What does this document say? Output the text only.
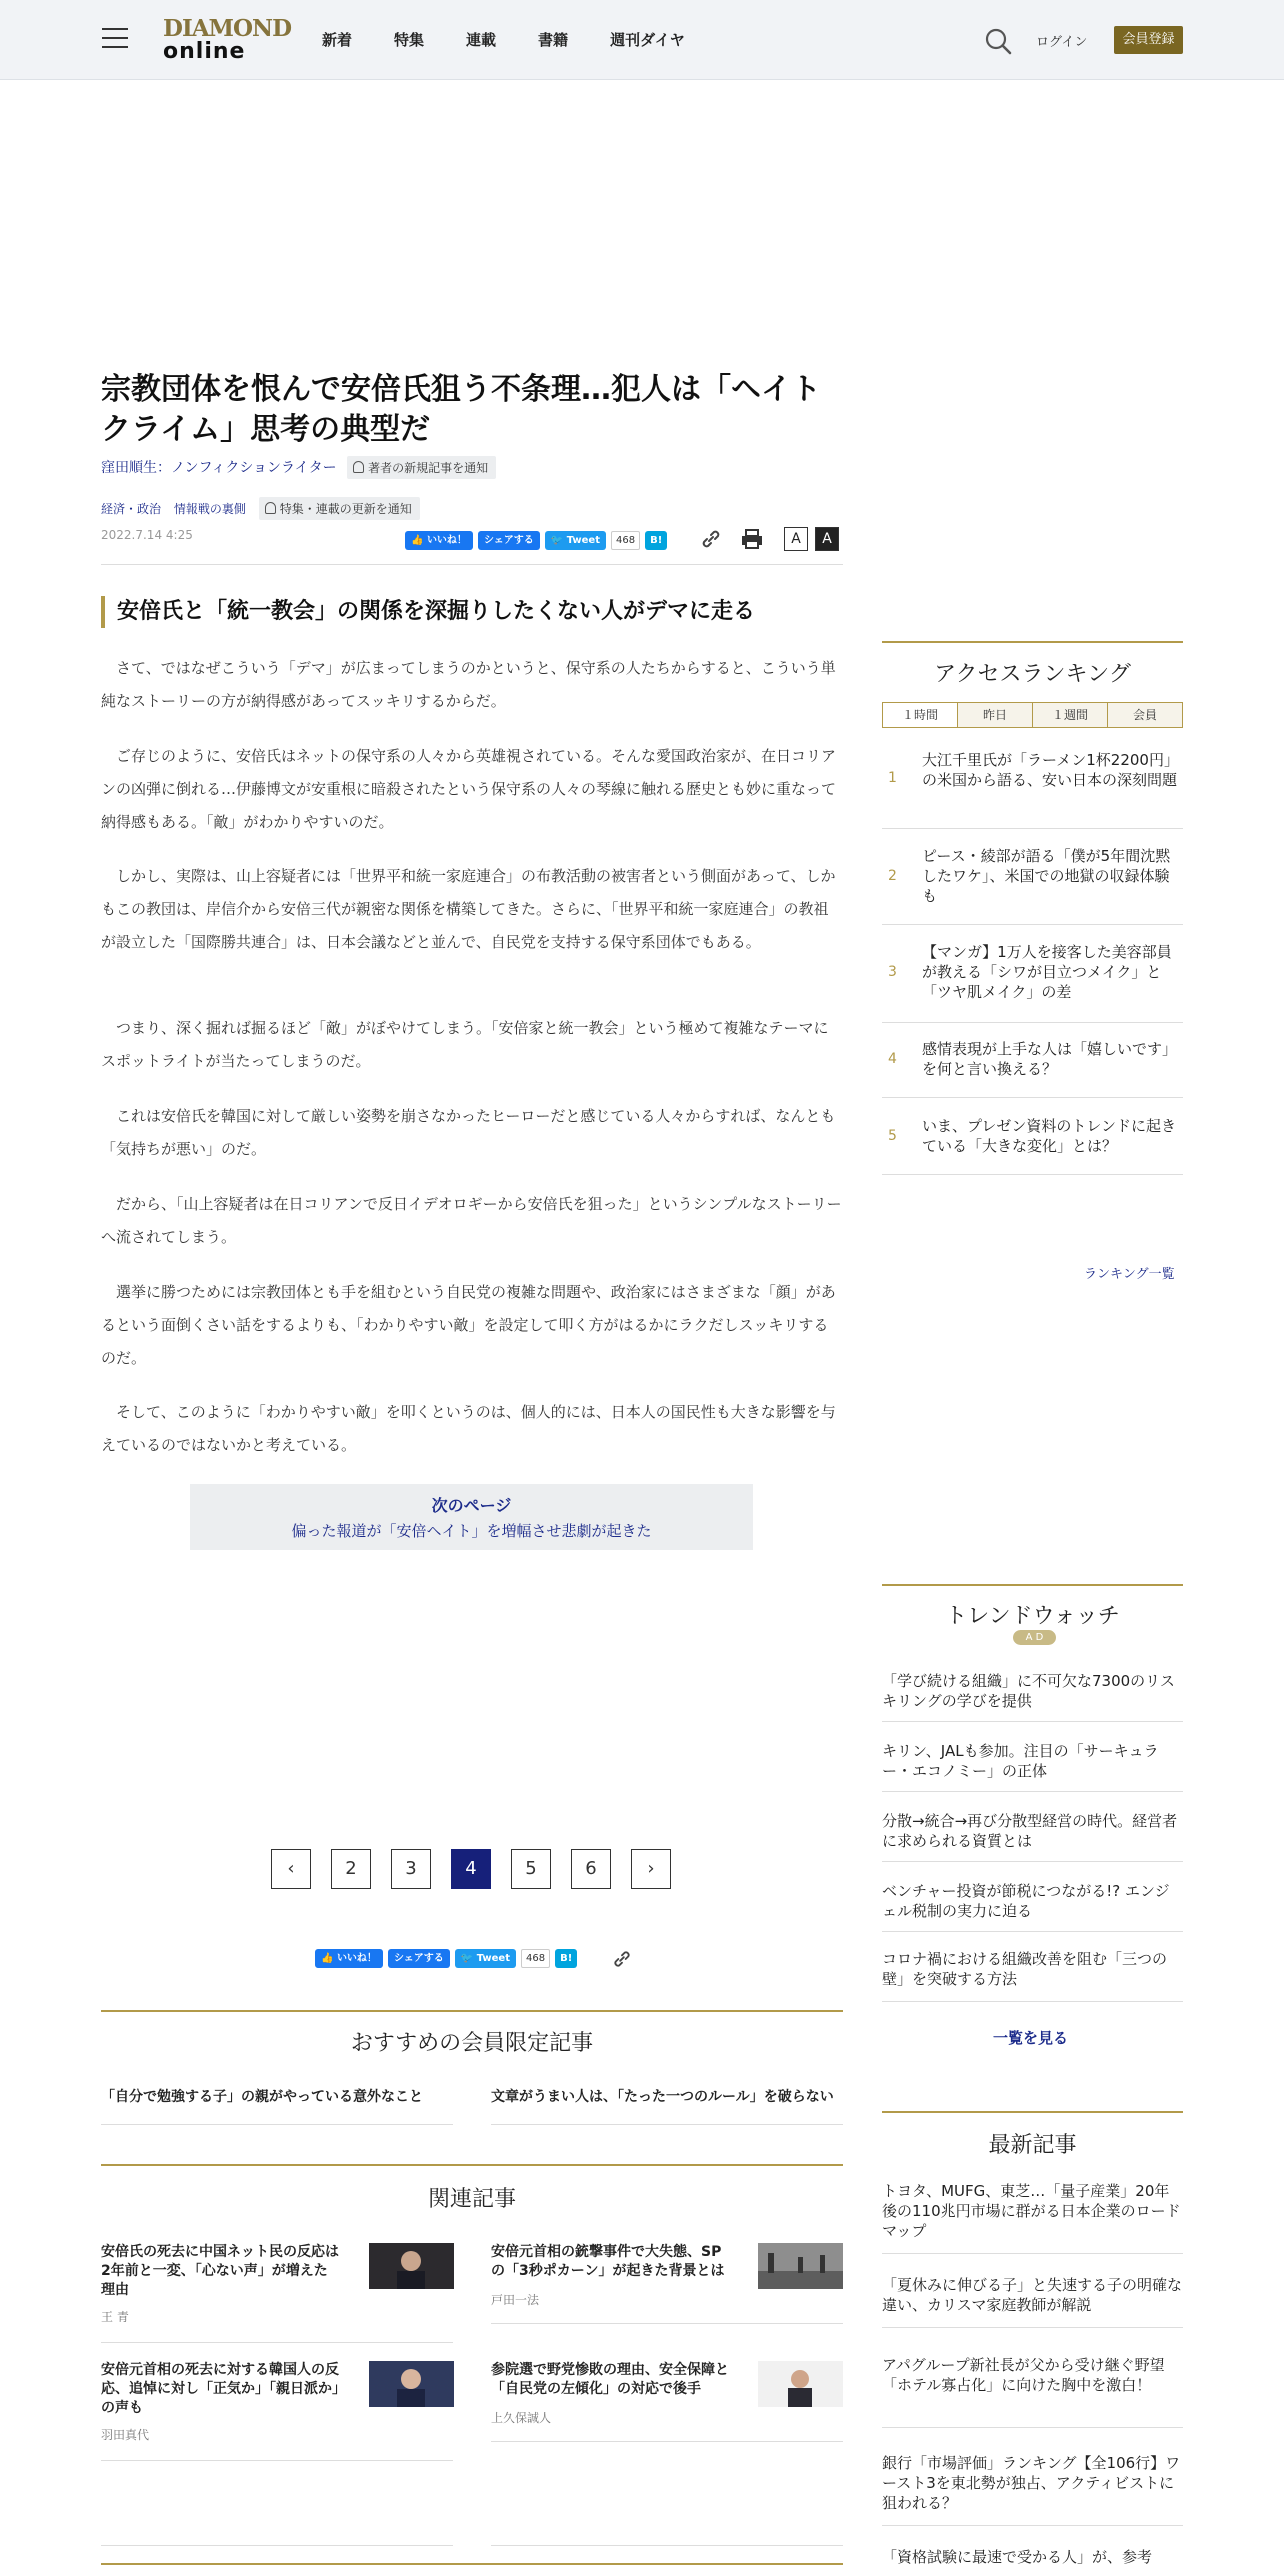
DIAMOND
online	新着	特集	連載	書籍	週刊ダイヤ	ログイン	会員登録
宗教団体を恨んで安倍氏狙う不条理…犯人は「ヘイトクライム」思考の典型だ
窪田順生：ノンフィクションライター	著者の新規記事を通知
経済・政治 情報戦の裏側	特集・連載の更新を通知
2022.7.14 4:25	👍 いいね！	シェアする	🐦 Tweet	468	B!	A	A
安倍氏と「統一教会」の関係を深掘りしたくない人がデマに走る

さて、ではなぜこういう「デマ」が広まってしまうのかというと、保守系の人たちからすると、こういう単純なストーリーの方が納得感があってスッキリするからだ。

ご存じのように、安倍氏はネットの保守系の人々から英雄視されている。そんな愛国政治家が、在日コリアンの凶弾に倒れる…伊藤博文が安重根に暗殺されたという保守系の人々の琴線に触れる歴史とも妙に重なって納得感もある。「敵」がわかりやすいのだ。

しかし、実際は、山上容疑者には「世界平和統一家庭連合」の布教活動の被害者という側面があって、しかもこの教団は、岸信介から安倍三代が親密な関係を構築してきた。さらに、「世界平和統一家庭連合」の教祖が設立した「国際勝共連合」は、日本会議などと並んで、自民党を支持する保守系団体でもある。

つまり、深く掘れば掘るほど「敵」がぼやけてしまう。「安倍家と統一教会」という極めて複雑なテーマにスポットライトが当たってしまうのだ。

これは安倍氏を韓国に対して厳しい姿勢を崩さなかったヒーローだと感じている人々からすれば、なんとも「気持ちが悪い」のだ。

だから、「山上容疑者は在日コリアンで反日イデオロギーから安倍氏を狙った」というシンプルなストーリーへ流されてしまう。

選挙に勝つためには宗教団体とも手を組むという自民党の複雑な問題や、政治家にはさまざまな「顔」があるという面倒くさい話をするよりも、「わかりやすい敵」を設定して叩く方がはるかにラクだしスッキリするのだ。

そして、このように「わかりやすい敵」を叩くというのは、個人的には、日本人の国民性も大きな影響を与えているのではないかと考えている。

次のページ
偏った報道が「安倍ヘイト」を増幅させ悲劇が起きた
‹	2	3	4	5	6	›
👍 いいね！	シェアする	🐦 Tweet	468	B!
おすすめの会員限定記事
「自分で勉強する子」の親がやっている意外なこと	文章がうまい人は、「たった一つのルール」を破らない
関連記事
安倍氏の死去に中国ネット民の反応は2年前と一変、「心ない声」が増えた理由
王 青
安倍元首相の銃撃事件で大失態、SPの「3秒ポカーン」が起きた背景とは
戸田一法
安倍元首相の死去に対する韓国人の反応、追悼に対し「正気か」「親日派か」の声も
羽田真代
参院選で野党惨敗の理由、安全保障と「自民党の左傾化」の対応で後手
上久保誠人
アクセスランキング
１時間	昨日	１週間	会員
1
大江千里氏が「ラーメン1杯2200円」の米国から語る、安い日本の深刻問題
2
ピース・綾部が語る「僕が5年間沈黙したワケ」、米国での地獄の収録体験も
3
【マンガ】1万人を接客した美容部員が教える「シワが目立つメイク」と「ツヤ肌メイク」の差
4
感情表現が上手な人は「嬉しいです」を何と言い換える？
5
いま、プレゼン資料のトレンドに起きている「大きな変化」とは？
ランキング一覧
トレンドウォッチ
A D
「学び続ける組織」に不可欠な7300のリスキリングの学びを提供
キリン、JALも参加。注目の「サーキュラー・エコノミー」の正体
分散→統合→再び分散型経営の時代。経営者に求められる資質とは
ベンチャー投資が節税につながる!? エンジェル税制の実力に迫る
コロナ禍における組織改善を阻む「三つの壁」を突破する方法
一覧を見る
最新記事
トヨタ、MUFG、東芝…「量子産業」20年後の110兆円市場に群がる日本企業のロードマップ
「夏休みに伸びる子」と失速する子の明確な違い、カリスマ家庭教師が解説
アパグループ新社長が父から受け継ぐ野望「ホテル寡占化」に向けた胸中を激白！
銀行「市場評価」ランキング【全106行】ワースト3を東北勢が独占、アクティビストに狙われる？
「資格試験に最速で受かる人」が、参考
